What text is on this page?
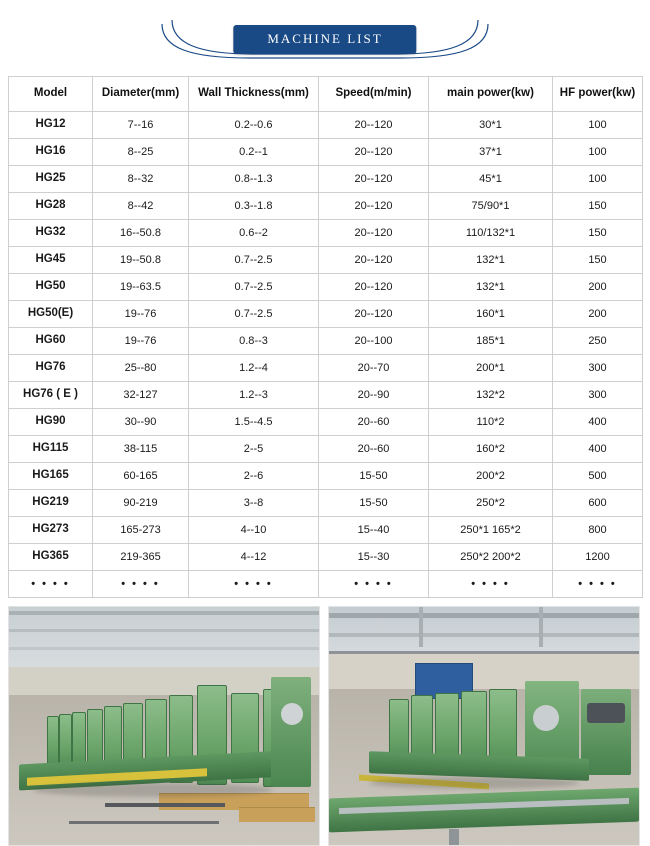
MACHINE LIST
Model	Diameter(mm)	Wall Thickness(mm)	Speed(m/min)	main power(kw)	HF power(kw)
HG12	7--16	0.2--0.6	20--120	30*1	100
HG16	8--25	0.2--1	20--120	37*1	100
HG25	8--32	0.8--1.3	20--120	45*1	100
HG28	8--42	0.3--1.8	20--120	75/90*1	150
HG32	16--50.8	0.6--2	20--120	110/132*1	150
HG45	19--50.8	0.7--2.5	20--120	132*1	150
HG50	19--63.5	0.7--2.5	20--120	132*1	200
HG50(E)	19--76	0.7--2.5	20--120	160*1	200
HG60	19--76	0.8--3	20--100	185*1	250
HG76	25--80	1.2--4	20--70	200*1	300
HG76 ( E )	32-127	1.2--3	20--90	132*2	300
HG90	30--90	1.5--4.5	20--60	110*2	400
HG115	38-115	2--5	20--60	160*2	400
HG165	60-165	2--6	15-50	200*2	500
HG219	90-219	3--8	15-50	250*2	600
HG273	165-273	4--10	15--40	250*1 165*2	800
HG365	219-365	4--12	15--30	250*2 200*2	1200
• • • •	• • • •	• • • •	• • • •	• • • •	• • • •
